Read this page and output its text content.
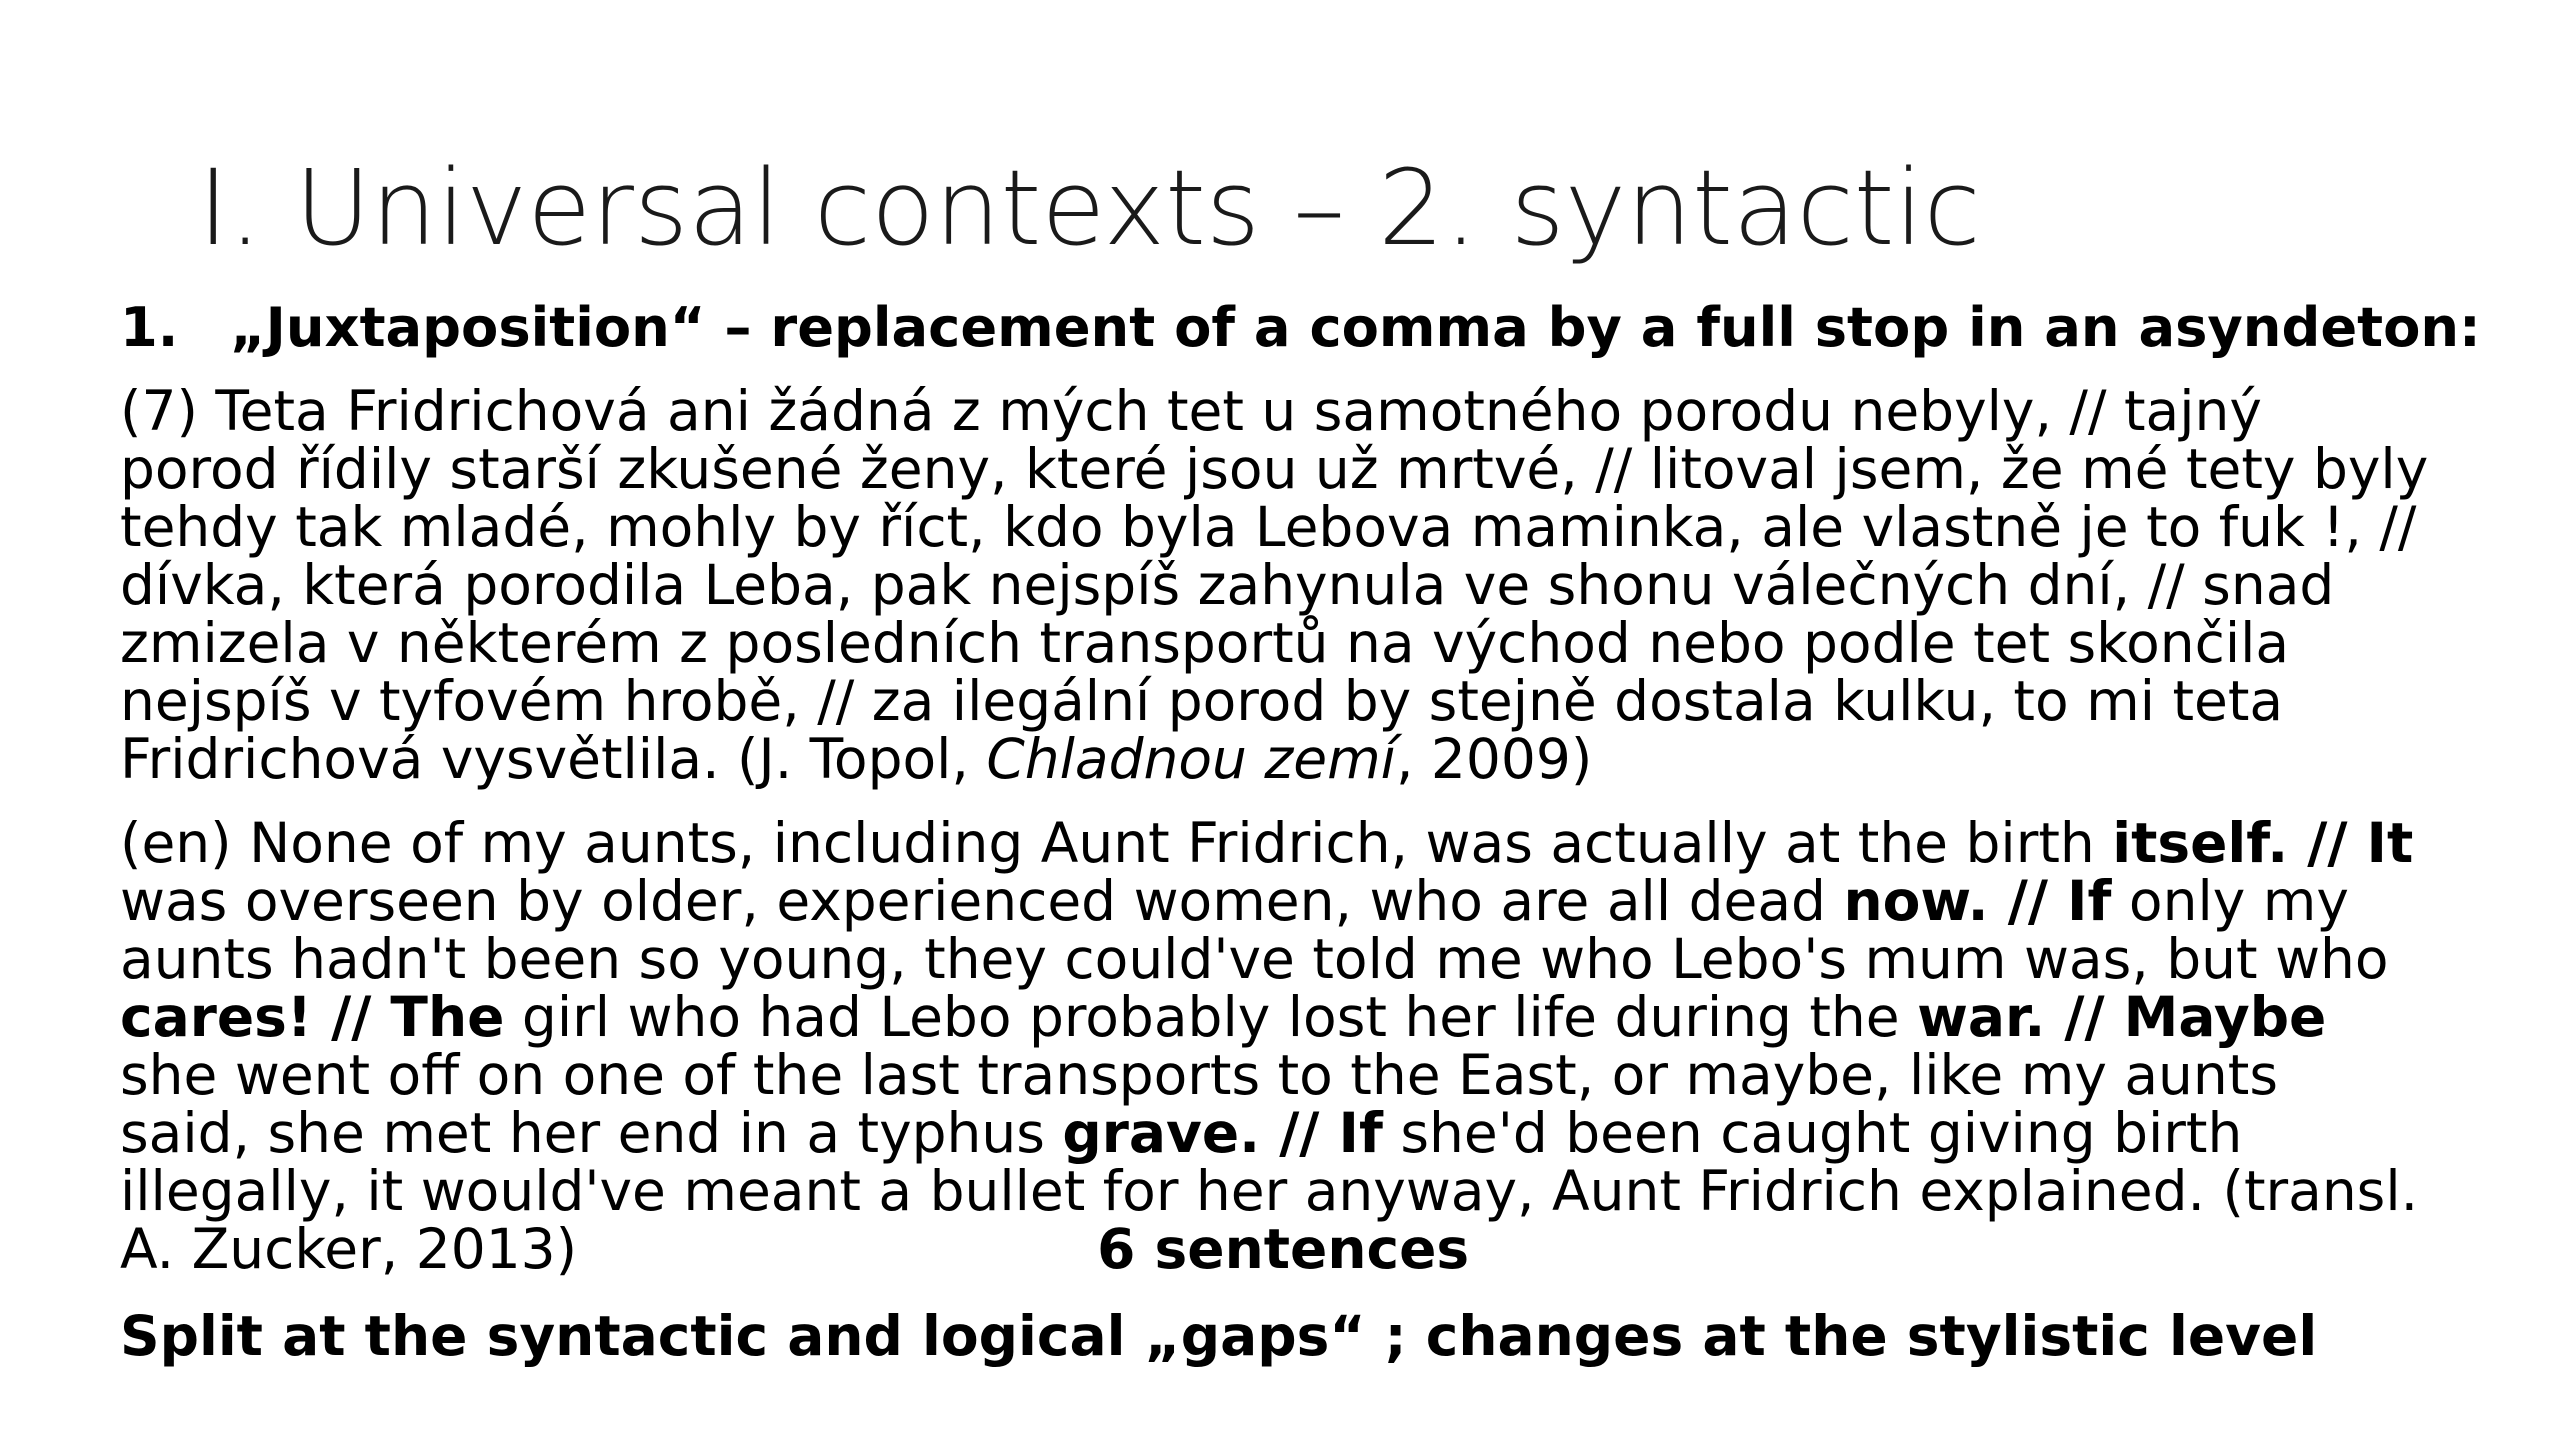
I. Universal contexts – 2. syntactic
1. „Juxtaposition“ – replacement of a comma by a full stop in an asyndeton:
(7) Teta Fridrichová ani žádná z mých tet u samotného porodu nebyly, // tajný
porod řídily starší zkušené ženy, které jsou už mrtvé, // litoval jsem, že mé tety byly
tehdy tak mladé, mohly by říct, kdo byla Lebova maminka, ale vlastně je to fuk !, //
dívka, která porodila Leba, pak nejspíš zahynula ve shonu válečných dní, // snad
zmizela v některém z posledních transportů na východ nebo podle tet skončila
nejspíš v tyfovém hrobě, // za ilegální porod by stejně dostala kulku, to mi teta
Fridrichová vysvětlila. (J. Topol, Chladnou zemí, 2009)
(en) None of my aunts, including Aunt Fridrich, was actually at the birth itself. // It
was overseen by older, experienced women, who are all dead now. // If only my
aunts hadn't been so young, they could've told me who Lebo's mum was, but who
cares! // The girl who had Lebo probably lost her life during the war. // Maybe
she went off on one of the last transports to the East, or maybe, like my aunts
said, she met her end in a typhus grave. // If she'd been caught giving birth
illegally, it would've meant a bullet for her anyway, Aunt Fridrich explained. (transl.
A. Zucker, 2013)	6 sentences
Split at the syntactic and logical „gaps“ ; changes at the stylistic level
